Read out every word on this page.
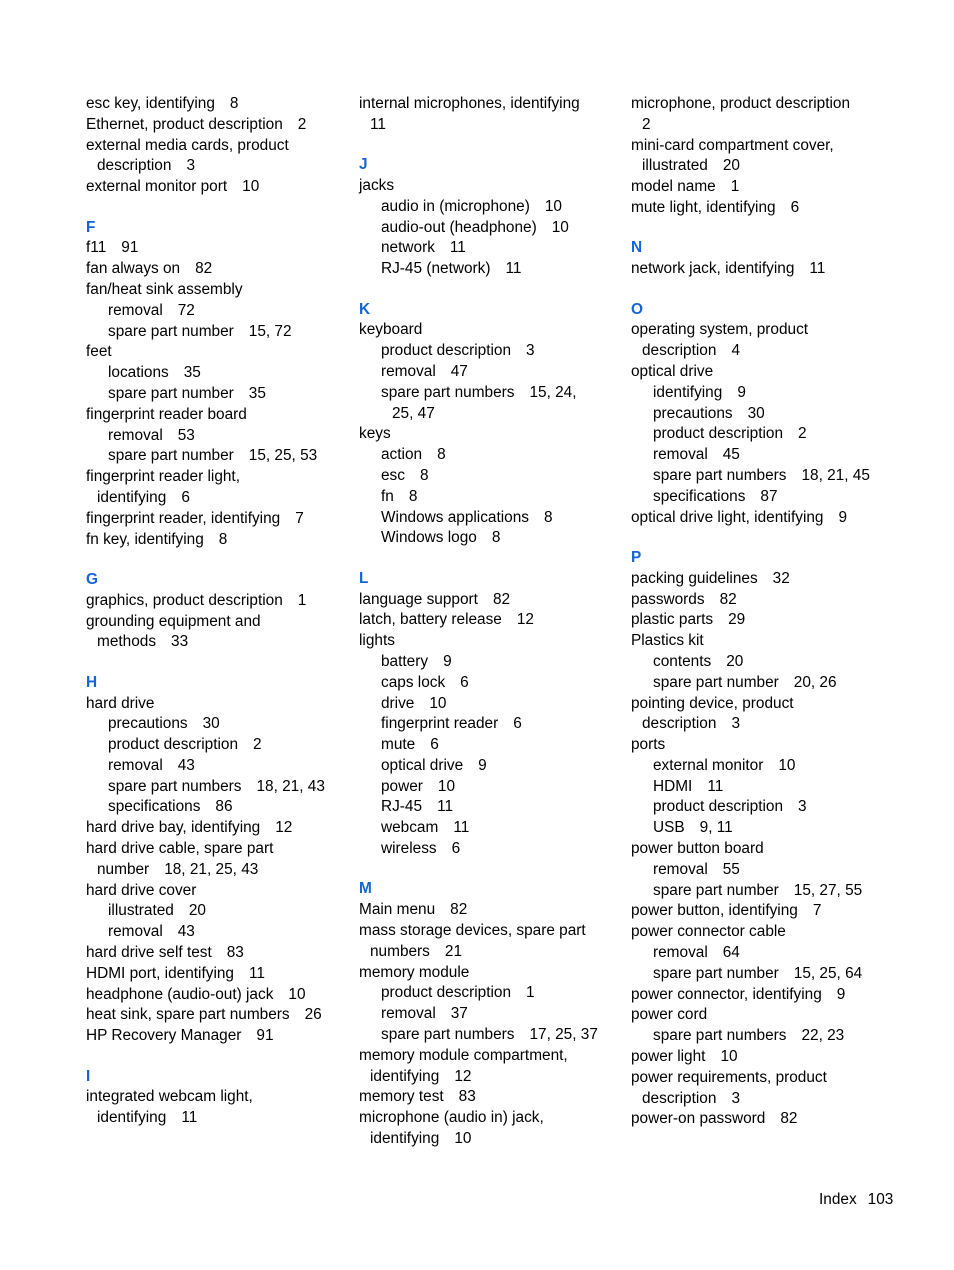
esc key, identifying 8
Ethernet, product description 2
external media cards, product
description 3
external monitor port 10
F
f11 91
fan always on 82
fan/heat sink assembly
removal 72
spare part number 15, 72
feet
locations 35
spare part number 35
fingerprint reader board
removal 53
spare part number 15, 25, 53
fingerprint reader light,
identifying 6
fingerprint reader, identifying 7
fn key, identifying 8
G
graphics, product description 1
grounding equipment and
methods 33
H
hard drive
precautions 30
product description 2
removal 43
spare part numbers 18, 21, 43
specifications 86
hard drive bay, identifying 12
hard drive cable, spare part
number 18, 21, 25, 43
hard drive cover
illustrated 20
removal 43
hard drive self test 83
HDMI port, identifying 11
headphone (audio-out) jack 10
heat sink, spare part numbers 26
HP Recovery Manager 91
I
integrated webcam light,
identifying 11
internal microphones, identifying
11
J
jacks
audio in (microphone) 10
audio-out (headphone) 10
network 11
RJ-45 (network) 11
K
keyboard
product description 3
removal 47
spare part numbers 15, 24,
25, 47
keys
action 8
esc 8
fn 8
Windows applications 8
Windows logo 8
L
language support 82
latch, battery release 12
lights
battery 9
caps lock 6
drive 10
fingerprint reader 6
mute 6
optical drive 9
power 10
RJ-45 11
webcam 11
wireless 6
M
Main menu 82
mass storage devices, spare part
numbers 21
memory module
product description 1
removal 37
spare part numbers 17, 25, 37
memory module compartment,
identifying 12
memory test 83
microphone (audio in) jack,
identifying 10
microphone, product description
2
mini-card compartment cover,
illustrated 20
model name 1
mute light, identifying 6
N
network jack, identifying 11
O
operating system, product
description 4
optical drive
identifying 9
precautions 30
product description 2
removal 45
spare part numbers 18, 21, 45
specifications 87
optical drive light, identifying 9
P
packing guidelines 32
passwords 82
plastic parts 29
Plastics kit
contents 20
spare part number 20, 26
pointing device, product
description 3
ports
external monitor 10
HDMI 11
product description 3
USB 9, 11
power button board
removal 55
spare part number 15, 27, 55
power button, identifying 7
power connector cable
removal 64
spare part number 15, 25, 64
power connector, identifying 9
power cord
spare part numbers 22, 23
power light 10
power requirements, product
description 3
power-on password 82
Index 103
